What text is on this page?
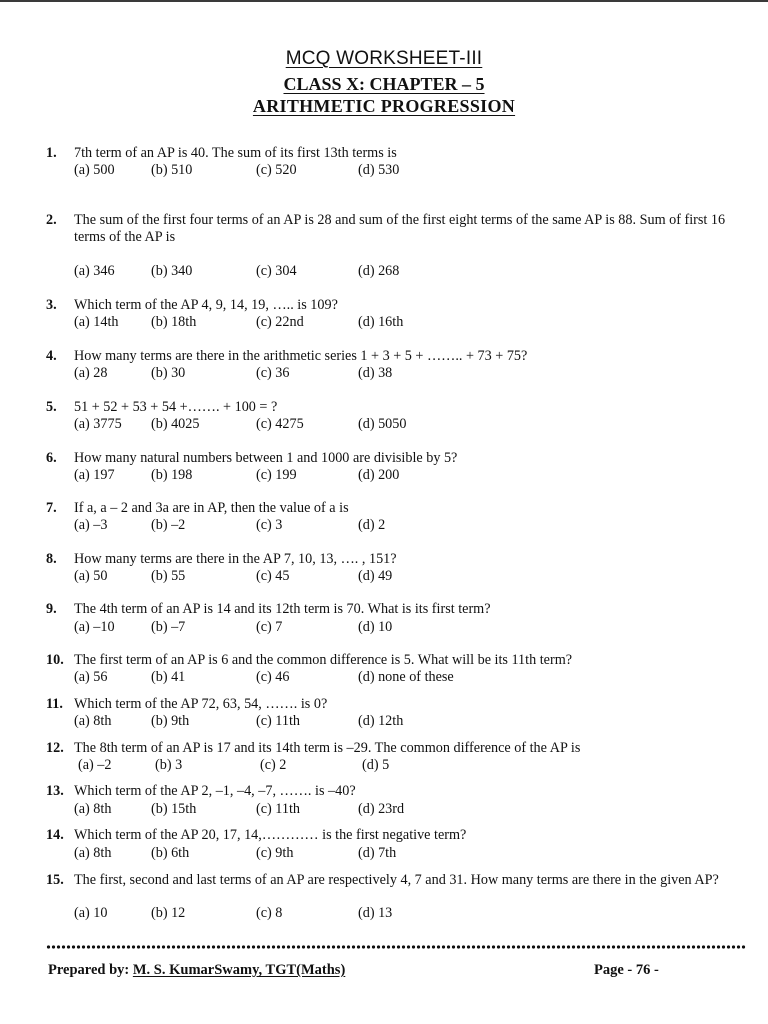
MCQ WORKSHEET-III
CLASS X: CHAPTER – 5
ARITHMETIC PROGRESSION
1. 7th term of an AP is 40. The sum of its first 13th terms is
(a) 500	(b) 510	(c) 520	(d) 530
2. The sum of the first four terms of an AP is 28 and sum of the first eight terms of the same AP is 88. Sum of first 16 terms of the AP is
(a) 346	(b) 340	(c) 304	(d) 268
3. Which term of the AP 4, 9, 14, 19, ….. is 109?
(a) 14th (b) 18th	(c) 22nd	(d) 16th
4. How many terms are there in the arithmetic series 1 + 3 + 5 + …….. + 73 + 75?
(a) 28	(b) 30	(c) 36	(d) 38
5. 51 + 52 + 53 + 54 +……. + 100 = ?
(a) 3775 (b) 4025	(c) 4275	(d) 5050
6. How many natural numbers between 1 and 1000 are divisible by 5?
(a) 197	(b) 198	(c) 199	(d) 200
7. If a, a – 2 and 3a are in AP, then the value of a is
(a) –3	(b) –2	(c) 3	(d) 2
8. How many terms are there in the AP 7, 10, 13, …. , 151?
(a) 50	(b) 55	(c) 45	(d) 49
9. The 4th term of an AP is 14 and its 12th term is 70. What is its first term?
(a) –10	(b) –7	(c) 7	(d) 10
10. The first term of an AP is 6 and the common difference is 5. What will be its 11th term?
(a) 56	(b) 41	(c) 46	(d) none of these
11. Which term of the AP 72, 63, 54, ……. is 0?
(a) 8th	(b) 9th	(c) 11th	(d) 12th
12. The 8th term of an AP is 17 and its 14th term is –29. The common difference of the AP is
(a) –2	(b) 3	(c) 2	(d) 5
13. Which term of the AP 2, –1, –4, –7, ……. is –40?
(a) 8th	(b) 15th	(c) 11th	(d) 23rd
14. Which term of the AP 20, 17, 14,………… is the first negative term?
(a) 8th	(b) 6th	(c) 9th	(d) 7th
15. The first, second and last terms of an AP are respectively 4, 7 and 31. How many terms are there in the given AP?
(a) 10	(b) 12	(c) 8	(d) 13
Prepared by: M. S. KumarSwamy, TGT(Maths)	Page - 76 -
